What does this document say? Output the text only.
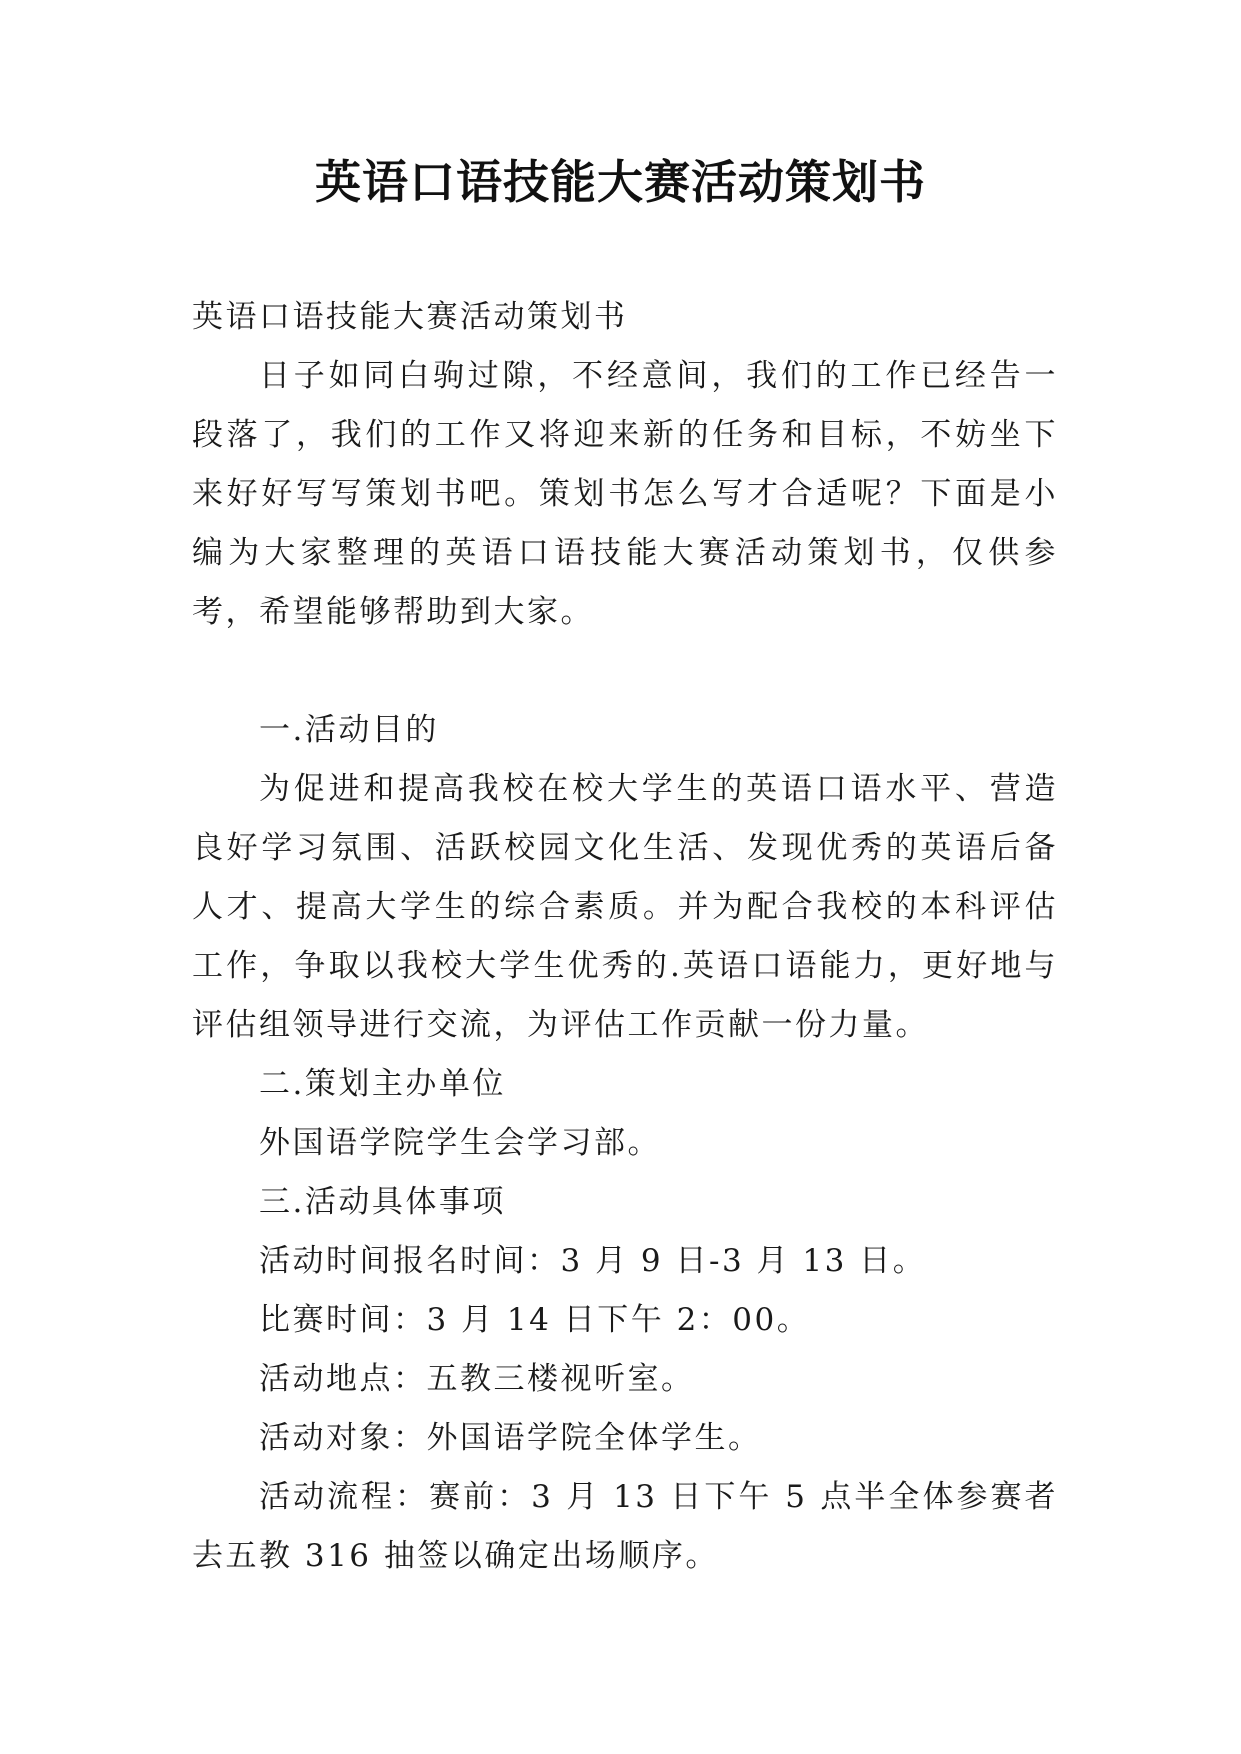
英语口语技能大赛活动策划书

英语口语技能大赛活动策划书

日子如同白驹过隙，不经意间，我们的工作已经告一段落了，我们的工作又将迎来新的任务和目标，不妨坐下来好好写写策划书吧。策划书怎么写才合适呢？下面是小编为大家整理的英语口语技能大赛活动策划书，仅供参考，希望能够帮助到大家。

一.活动目的

为促进和提高我校在校大学生的英语口语水平、营造良好学习氛围、活跃校园文化生活、发现优秀的英语后备人才、提高大学生的综合素质。并为配合我校的本科评估工作，争取以我校大学生优秀的.英语口语能力，更好地与评估组领导进行交流，为评估工作贡献一份力量。

二.策划主办单位

外国语学院学生会学习部。

三.活动具体事项

活动时间报名时间：3 月 9 日-3 月 13 日。

比赛时间：3 月 14 日下午 2：00。

活动地点：五教三楼视听室。

活动对象：外国语学院全体学生。

活动流程：赛前：3 月 13 日下午 5 点半全体参赛者去五教 316 抽签以确定出场顺序。
